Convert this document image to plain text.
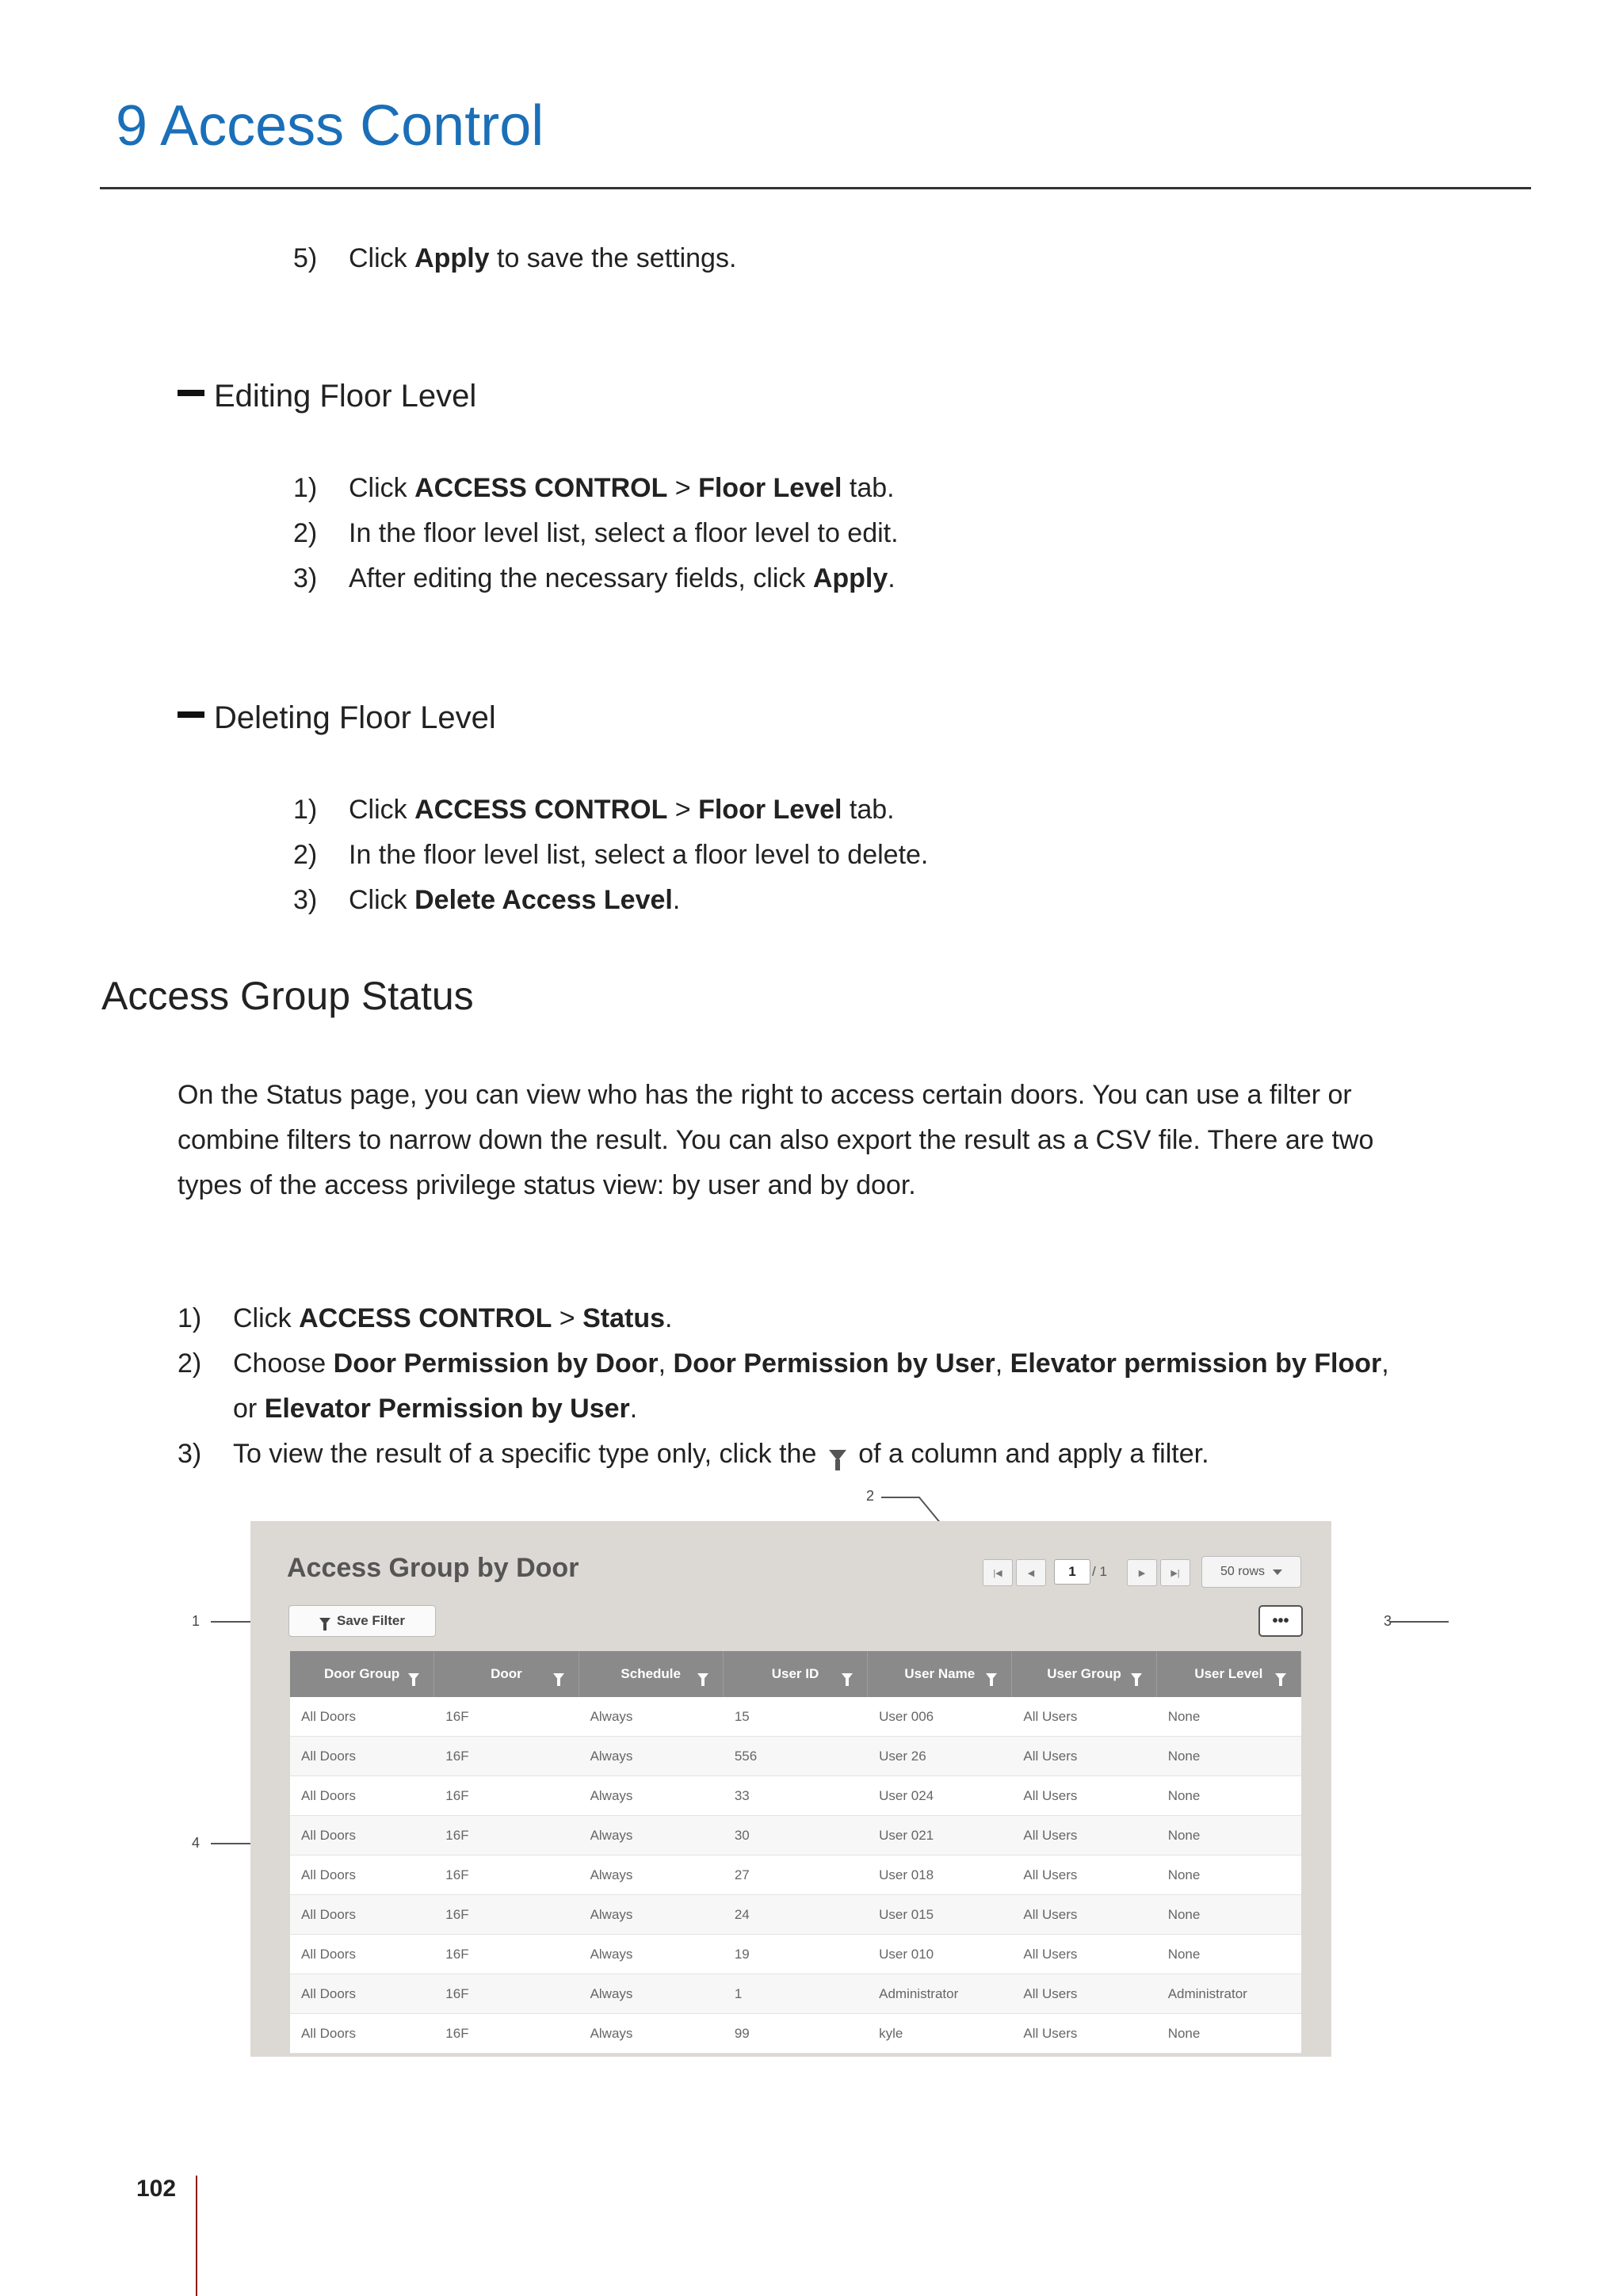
9 Access Control
5) Click Apply to save the settings.
Editing Floor Level
1) Click ACCESS CONTROL > Floor Level tab.
2) In the floor level list, select a floor level to edit.
3) After editing the necessary fields, click Apply.
Deleting Floor Level
1) Click ACCESS CONTROL > Floor Level tab.
2) In the floor level list, select a floor level to delete.
3) Click Delete Access Level.
Access Group Status
On the Status page, you can view who has the right to access certain doors. You can use a filter or combine filters to narrow down the result. You can also export the result as a CSV file. There are two types of the access privilege status view: by user and by door.
1) Click ACCESS CONTROL > Status.
2) Choose Door Permission by Door, Door Permission by User, Elevator permission by Floor,
or Elevator Permission by User.
3) To view the result of a specific type only, click the  of a column and apply a filter.
2
1	3
4
Access Group by Door
Save Filter
|◀	◀	1	/ 1	▶	▶|	50 rows
•••
Door Group	Door	Schedule	User ID	User Name	User Group	User Level
All Doors	16F	Always	15	User 006	All Users	None
All Doors	16F	Always	556	User 26	All Users	None
All Doors	16F	Always	33	User 024	All Users	None
All Doors	16F	Always	30	User 021	All Users	None
All Doors	16F	Always	27	User 018	All Users	None
All Doors	16F	Always	24	User 015	All Users	None
All Doors	16F	Always	19	User 010	All Users	None
All Doors	16F	Always	1	Administrator	All Users	Administrator
All Doors	16F	Always	99	kyle	All Users	None
102
